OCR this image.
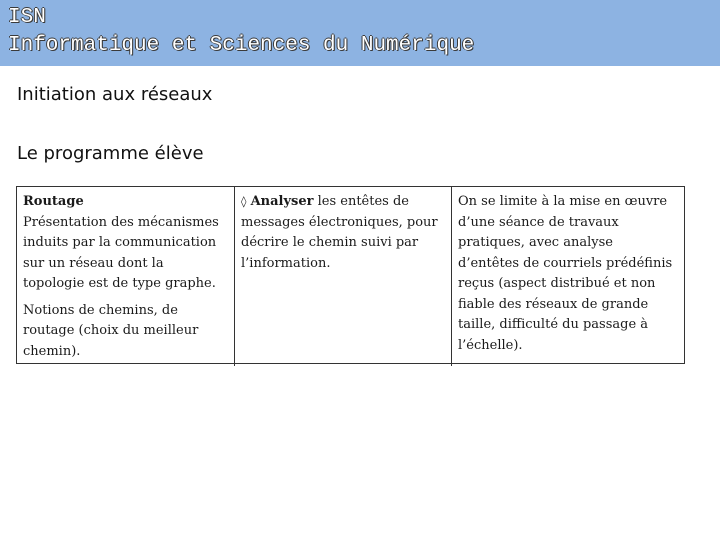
ISN
Informatique et Sciences du Numérique
Initiation aux réseaux
Le programme élève

Routage

Présentation des mécanismes induits par la communication sur un réseau dont la topologie est de type graphe.

Notions de chemins, de routage (choix du meilleur chemin).

◊ Analyser les entêtes de messages électroniques, pour décrire le chemin suivi par l’information.

On se limite à la mise en œuvre d’une séance de travaux pratiques, avec analyse d’entêtes de courriels prédéfinis reçus (aspect distribué et non fiable des réseaux de grande taille, difficulté du passage à l’échelle).
